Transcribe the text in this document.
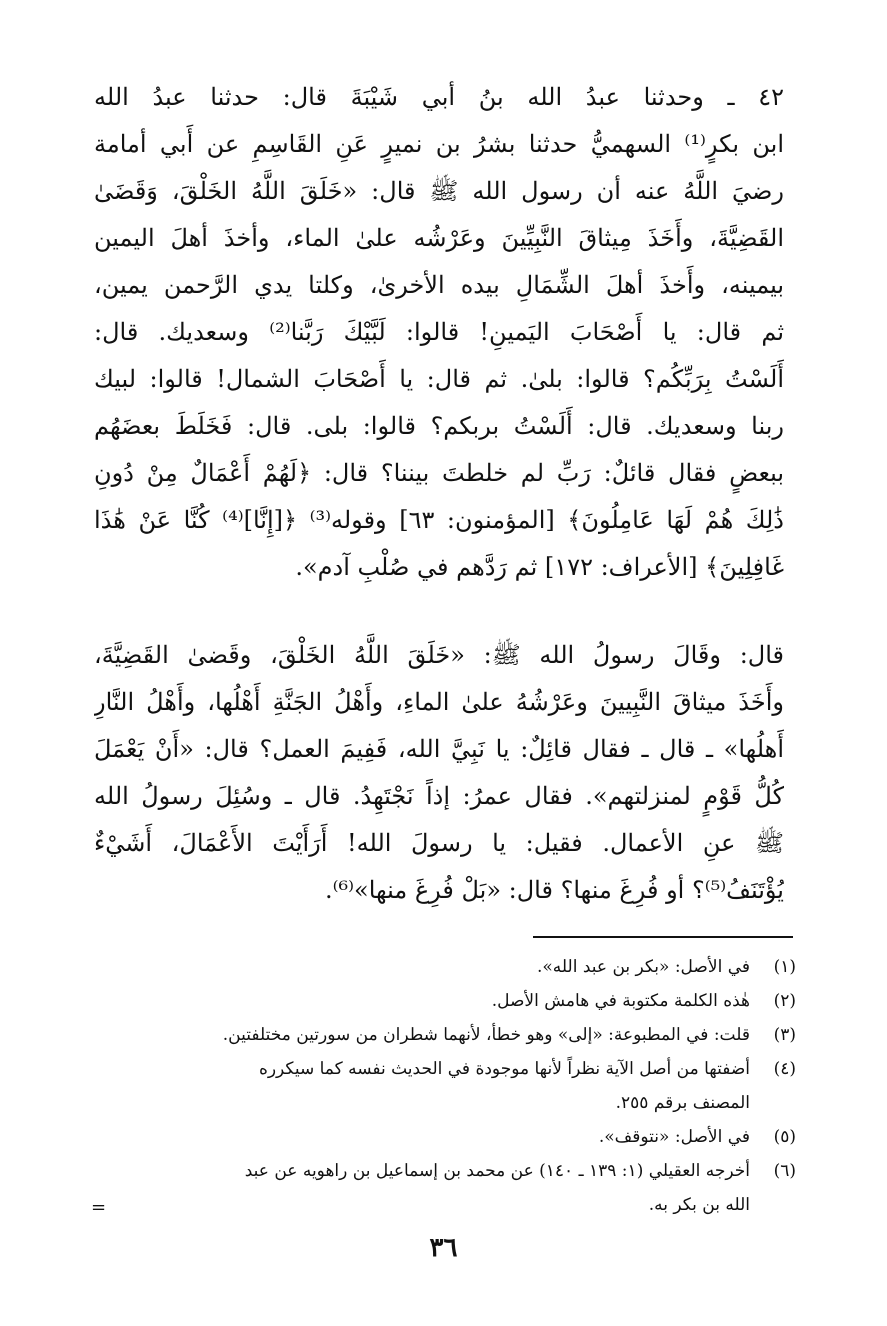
٤٢ ـ وحدثنا عبدُ الله بنُ أبي شَيْبَةَ قال: حدثنا عبدُ الله
ابن بكرٍ⁽¹⁾ السهميُّ حدثنا بشرُ بن نميرٍ عَنِ القَاسِمِ عن أَبي أمامة
رضيَ اللَّهُ عنه أن رسول الله ﷺ قال: «خَلَقَ اللَّهُ الخَلْقَ، وَقَضَىٰ
القَضِيَّةَ، وأَخَذَ مِيثاقَ النَّبِيِّينَ وعَرْشُه علىٰ الماء، وأخذَ أهلَ اليمين
بيمينه، وأَخذَ أهلَ الشِّمَالِ بيده الأخرىٰ، وكلتا يدي الرَّحمن يمين،
ثم قال: يا أَصْحَابَ اليَمينِ! قالوا: لَبَّيْكَ رَبَّنا⁽²⁾ وسعديك. قال:
أَلَسْتُ بِرَبِّكُم؟ قالوا: بلىٰ. ثم قال: يا أَصْحَابَ الشمال! قالوا: لبيك
ربنا وسعديك. قال: أَلَسْتُ بربكم؟ قالوا: بلى. قال: فَخَلَطَ بعضَهُم
ببعضٍ فقال قائلٌ: رَبِّ لم خلطتَ بيننا؟ قال: ﴿لَهُمْ أَعْمَالٌ مِنْ دُونِ
ذَٰلِكَ هُمْ لَهَا عَامِلُونَ﴾ [المؤمنون: ٦٣] وقوله⁽³⁾ ﴿[إِنَّا]⁽⁴⁾ كُنَّا عَنْ هَٰذَا
غَافِلِينَ﴾ [الأعراف: ١٧٢] ثم رَدَّهم في صُلْبِ آدم».
قال: وقَالَ رسولُ الله ﷺ: «خَلَقَ اللَّهُ الخَلْقَ، وقَضىٰ القَضِيَّةَ،
وأَخَذَ ميثاقَ النَّبِيينَ وعَرْشُهُ علىٰ الماءِ، وأَهْلُ الجَنَّةِ أَهْلُها، وأَهْلُ النَّارِ
أَهلُها» ـ قال ـ فقال قائِلٌ: يا نَبِيَّ الله، فَفِيمَ العمل؟ قال: «أَنْ يَعْمَلَ
كُلُّ قَوْمٍ لمنزلتهم». فقال عمرُ: إذاً نَجْتَهِدُ. قال ـ وسُئِلَ رسولُ الله
ﷺ عنِ الأعمال. فقيل: يا رسولَ الله! أَرَأَيْتَ الأَعْمَالَ، أَشَيْءٌ
يُؤْتَنَفُ⁽⁵⁾؟ أو فُرِغَ منها؟ قال: «بَلْ فُرِغَ منها»⁽⁶⁾.
(١)
في الأصل: «بكر بن عبد الله».
(٢)
هٰذه الكلمة مكتوبة في هامش الأصل.
(٣)
قلت: في المطبوعة: «إلى» وهو خطأ، لأنهما شطران من سورتين مختلفتين.
(٤)
أضفتها من أصل الآية نظراً لأنها موجودة في الحديث نفسه كما سيكرره
المصنف برقم ٢٥٥.
(٥)
في الأصل: «نتوقف».
(٦)
أخرجه العقيلي (١: ١٣٩ ـ ١٤٠) عن محمد بن إسماعيل بن راهويه عن عبد
الله بن بكر به.
=
٣٦
